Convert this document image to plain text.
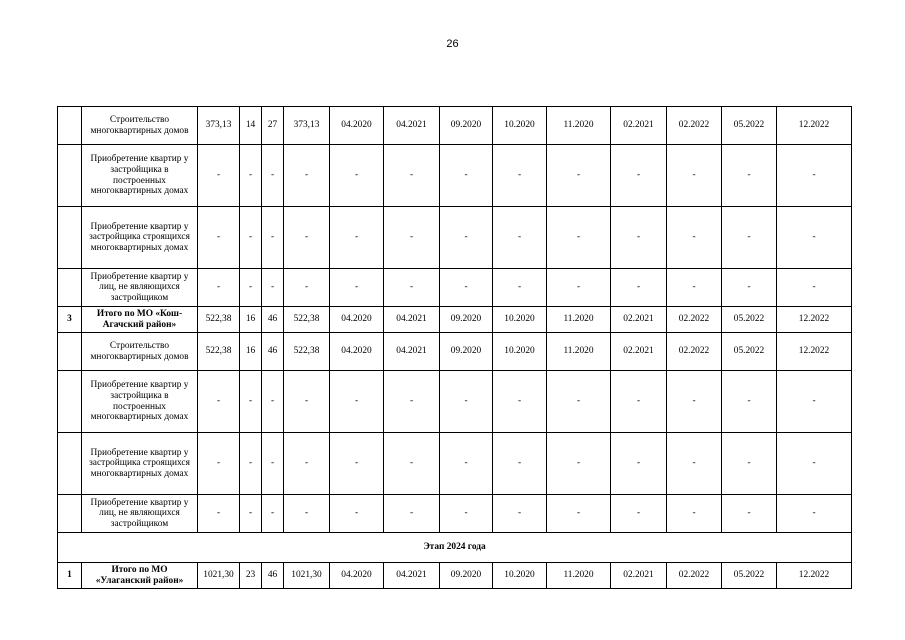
26
	Строительство многоквартирных домов	373,13	14	27	373,13	04.2020	04.2021	09.2020	10.2020	11.2020	02.2021	02.2022	05.2022	12.2022
	Приобретение квартир у застройщика в построенных многоквартирных домах	-	-	-	-	-	-	-	-	-	-	-	-	-
	Приобретение квартир у застройщика строящихся многоквартирных домах	-	-	-	-	-	-	-	-	-	-	-	-	-
	Приобретение квартир у лиц, не являющихся застройщиком	-	-	-	-	-	-	-	-	-	-	-	-	-
3	Итого по МО «Кош-Агачский район»	522,38	16	46	522,38	04.2020	04.2021	09.2020	10.2020	11.2020	02.2021	02.2022	05.2022	12.2022
	Строительство многоквартирных домов	522,38	16	46	522,38	04.2020	04.2021	09.2020	10.2020	11.2020	02.2021	02.2022	05.2022	12.2022
	Приобретение квартир у застройщика в построенных многоквартирных домах	-	-	-	-	-	-	-	-	-	-	-	-	-
	Приобретение квартир у застройщика строящихся многоквартирных домах	-	-	-	-	-	-	-	-	-	-	-	-	-
	Приобретение квартир у лиц, не являющихся застройщиком	-	-	-	-	-	-	-	-	-	-	-	-	-
Этап 2024 года														
1	Итого по МО «Улаганский район»	1021,30	23	46	1021,30	04.2020	04.2021	09.2020	10.2020	11.2020	02.2021	02.2022	05.2022	12.2022
